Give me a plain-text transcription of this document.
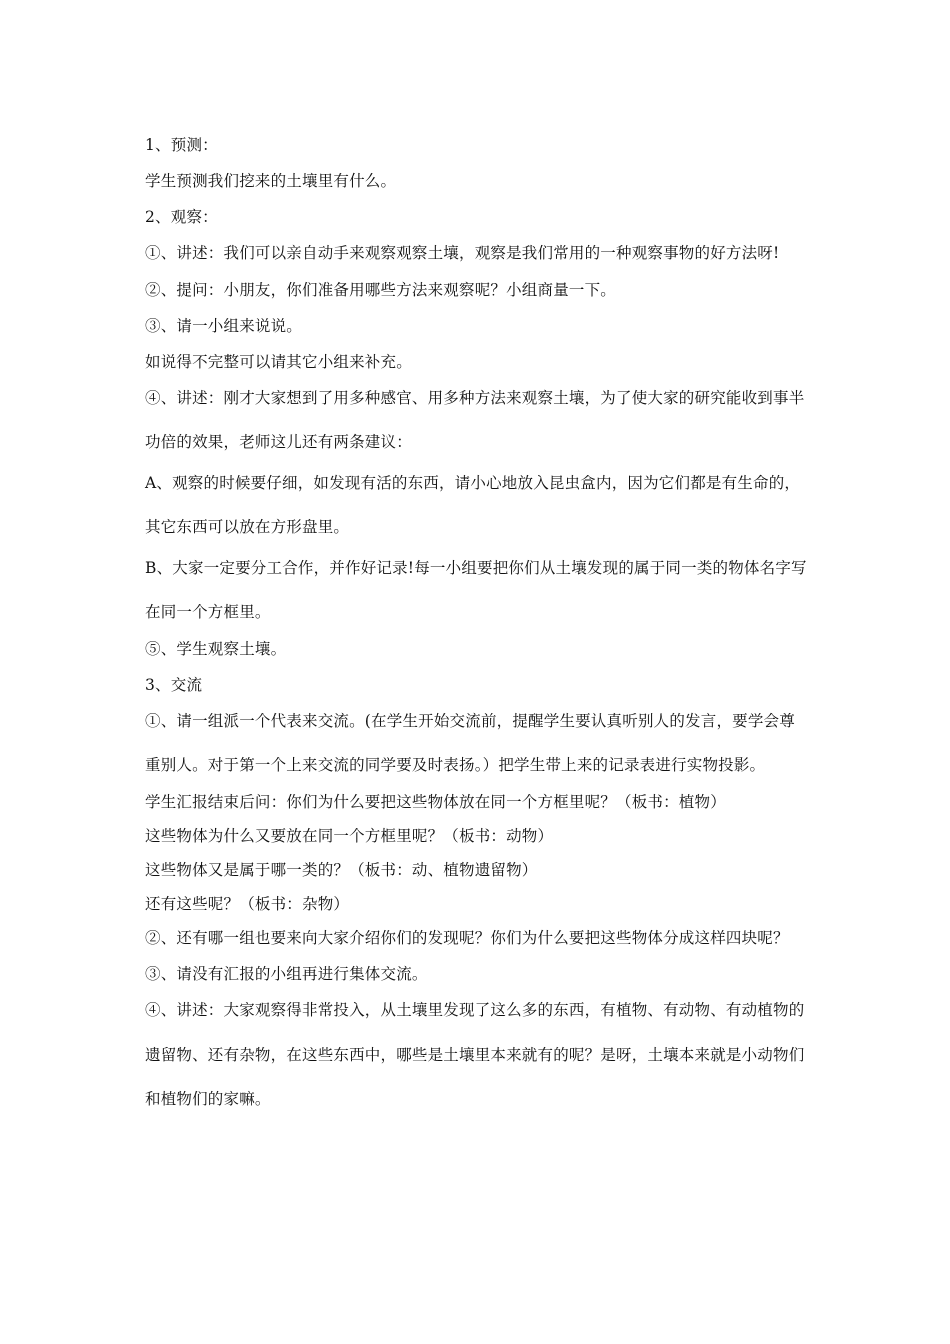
1、预测：

学生预测我们挖来的土壤里有什么。

2、观察：

①、讲述：我们可以亲自动手来观察观察土壤，观察是我们常用的一种观察事物的好方法呀!

②、提问：小朋友，你们准备用哪些方法来观察呢？小组商量一下。

③、请一小组来说说。

如说得不完整可以请其它小组来补充。

④、讲述：刚才大家想到了用多种感官、用多种方法来观察土壤，为了使大家的研究能收到事半功倍的效果，老师这儿还有两条建议：

A、观察的时候要仔细，如发现有活的东西，请小心地放入昆虫盒内，因为它们都是有生命的，其它东西可以放在方形盘里。

B、大家一定要分工合作，并作好记录!每一小组要把你们从土壤发现的属于同一类的物体名字写在同一个方框里。

⑤、学生观察土壤。

3、交流

①、请一组派一个代表来交流。(在学生开始交流前，提醒学生要认真听别人的发言，要学会尊重别人。对于第一个上来交流的同学要及时表扬。）把学生带上来的记录表进行实物投影。

学生汇报结束后问：你们为什么要把这些物体放在同一个方框里呢？（板书：植物）

这些物体为什么又要放在同一个方框里呢？（板书：动物）

这些物体又是属于哪一类的？（板书：动、植物遗留物）

还有这些呢？（板书：杂物）

②、还有哪一组也要来向大家介绍你们的发现呢？你们为什么要把这些物体分成这样四块呢？

③、请没有汇报的小组再进行集体交流。

④、讲述：大家观察得非常投入，从土壤里发现了这么多的东西，有植物、有动物、有动植物的遗留物、还有杂物，在这些东西中，哪些是土壤里本来就有的呢？是呀，土壤本来就是小动物们和植物们的家嘛。
